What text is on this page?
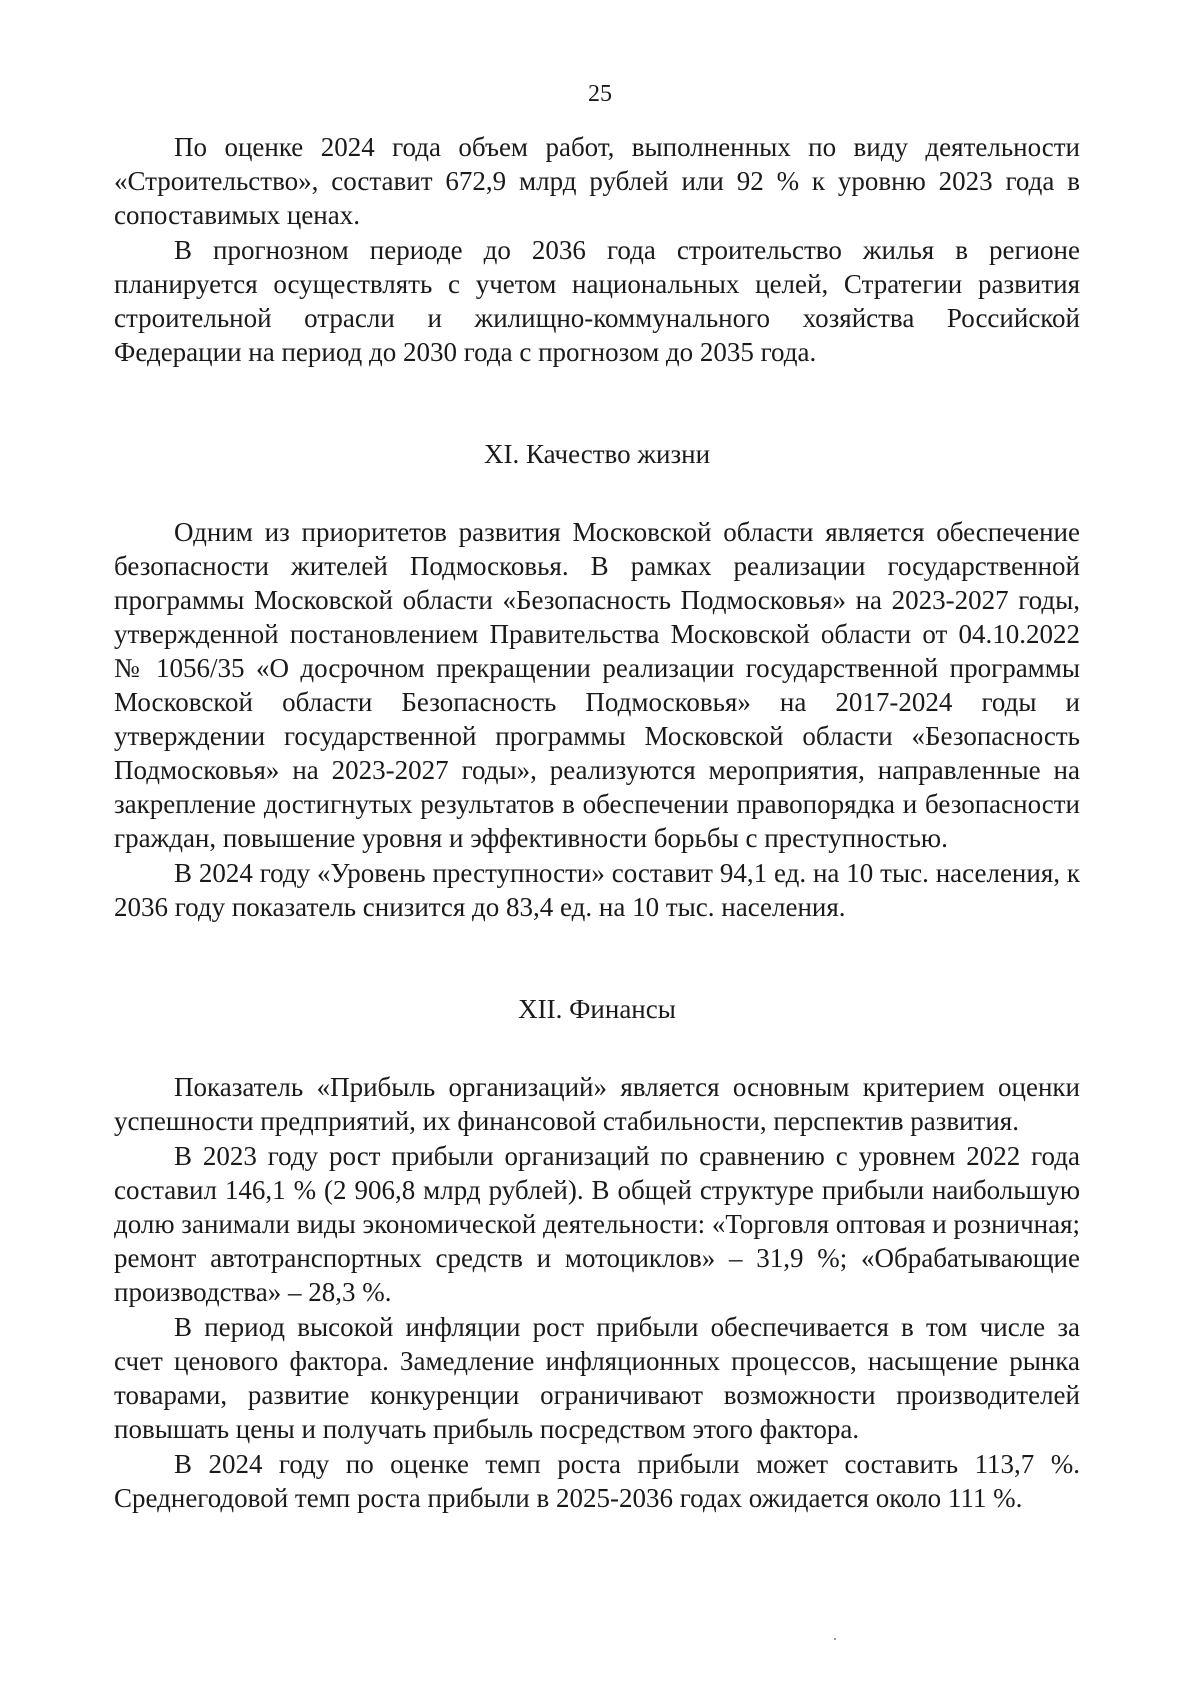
25

По оценке 2024 года объем работ, выполненных по виду деятельности «Строительство», составит 672,9 млрд рублей или 92 % к уровню 2023 года в сопоставимых ценах.

В прогнозном периоде до 2036 года строительство жилья в регионе планируется осуществлять с учетом национальных целей, Стратегии развития строительной отрасли и жилищно-коммунального хозяйства Российской Федерации на период до 2030 года с прогнозом до 2035 года.

XI. Качество жизни

Одним из приоритетов развития Московской области является обеспечение безопасности жителей Подмосковья. В рамках реализации государственной программы Московской области «Безопасность Подмосковья» на 2023-2027 годы, утвержденной постановлением Правительства Московской области от 04.10.2022 № 1056/35 «О досрочном прекращении реализации государственной программы Московской области Безопасность Подмосковья» на 2017-2024 годы и утверждении государственной программы Московской области «Безопасность Подмосковья» на 2023-2027 годы», реализуются мероприятия, направленные на закрепление достигнутых результатов в обеспечении правопорядка и безопасности граждан, повышение уровня и эффективности борьбы с преступностью.

В 2024 году «Уровень преступности» составит 94,1 ед. на 10 тыс. населения, к 2036 году показатель снизится до 83,4 ед. на 10 тыс. населения.

XII. Финансы

Показатель «Прибыль организаций» является основным критерием оценки успешности предприятий, их финансовой стабильности, перспектив развития.

В 2023 году рост прибыли организаций по сравнению с уровнем 2022 года составил 146,1 % (2 906,8 млрд рублей). В общей структуре прибыли наибольшую долю занимали виды экономической деятельности: «Торговля оптовая и розничная; ремонт автотранспортных средств и мотоциклов» – 31,9 %; «Обрабатывающие производства» – 28,3 %.

В период высокой инфляции рост прибыли обеспечивается в том числе за счет ценового фактора. Замедление инфляционных процессов, насыщение рынка товарами, развитие конкуренции ограничивают возможности производителей повышать цены и получать прибыль посредством этого фактора.

В 2024 году по оценке темп роста прибыли может составить 113,7 %. Среднегодовой темп роста прибыли в 2025-2036 годах ожидается около 111 %.
